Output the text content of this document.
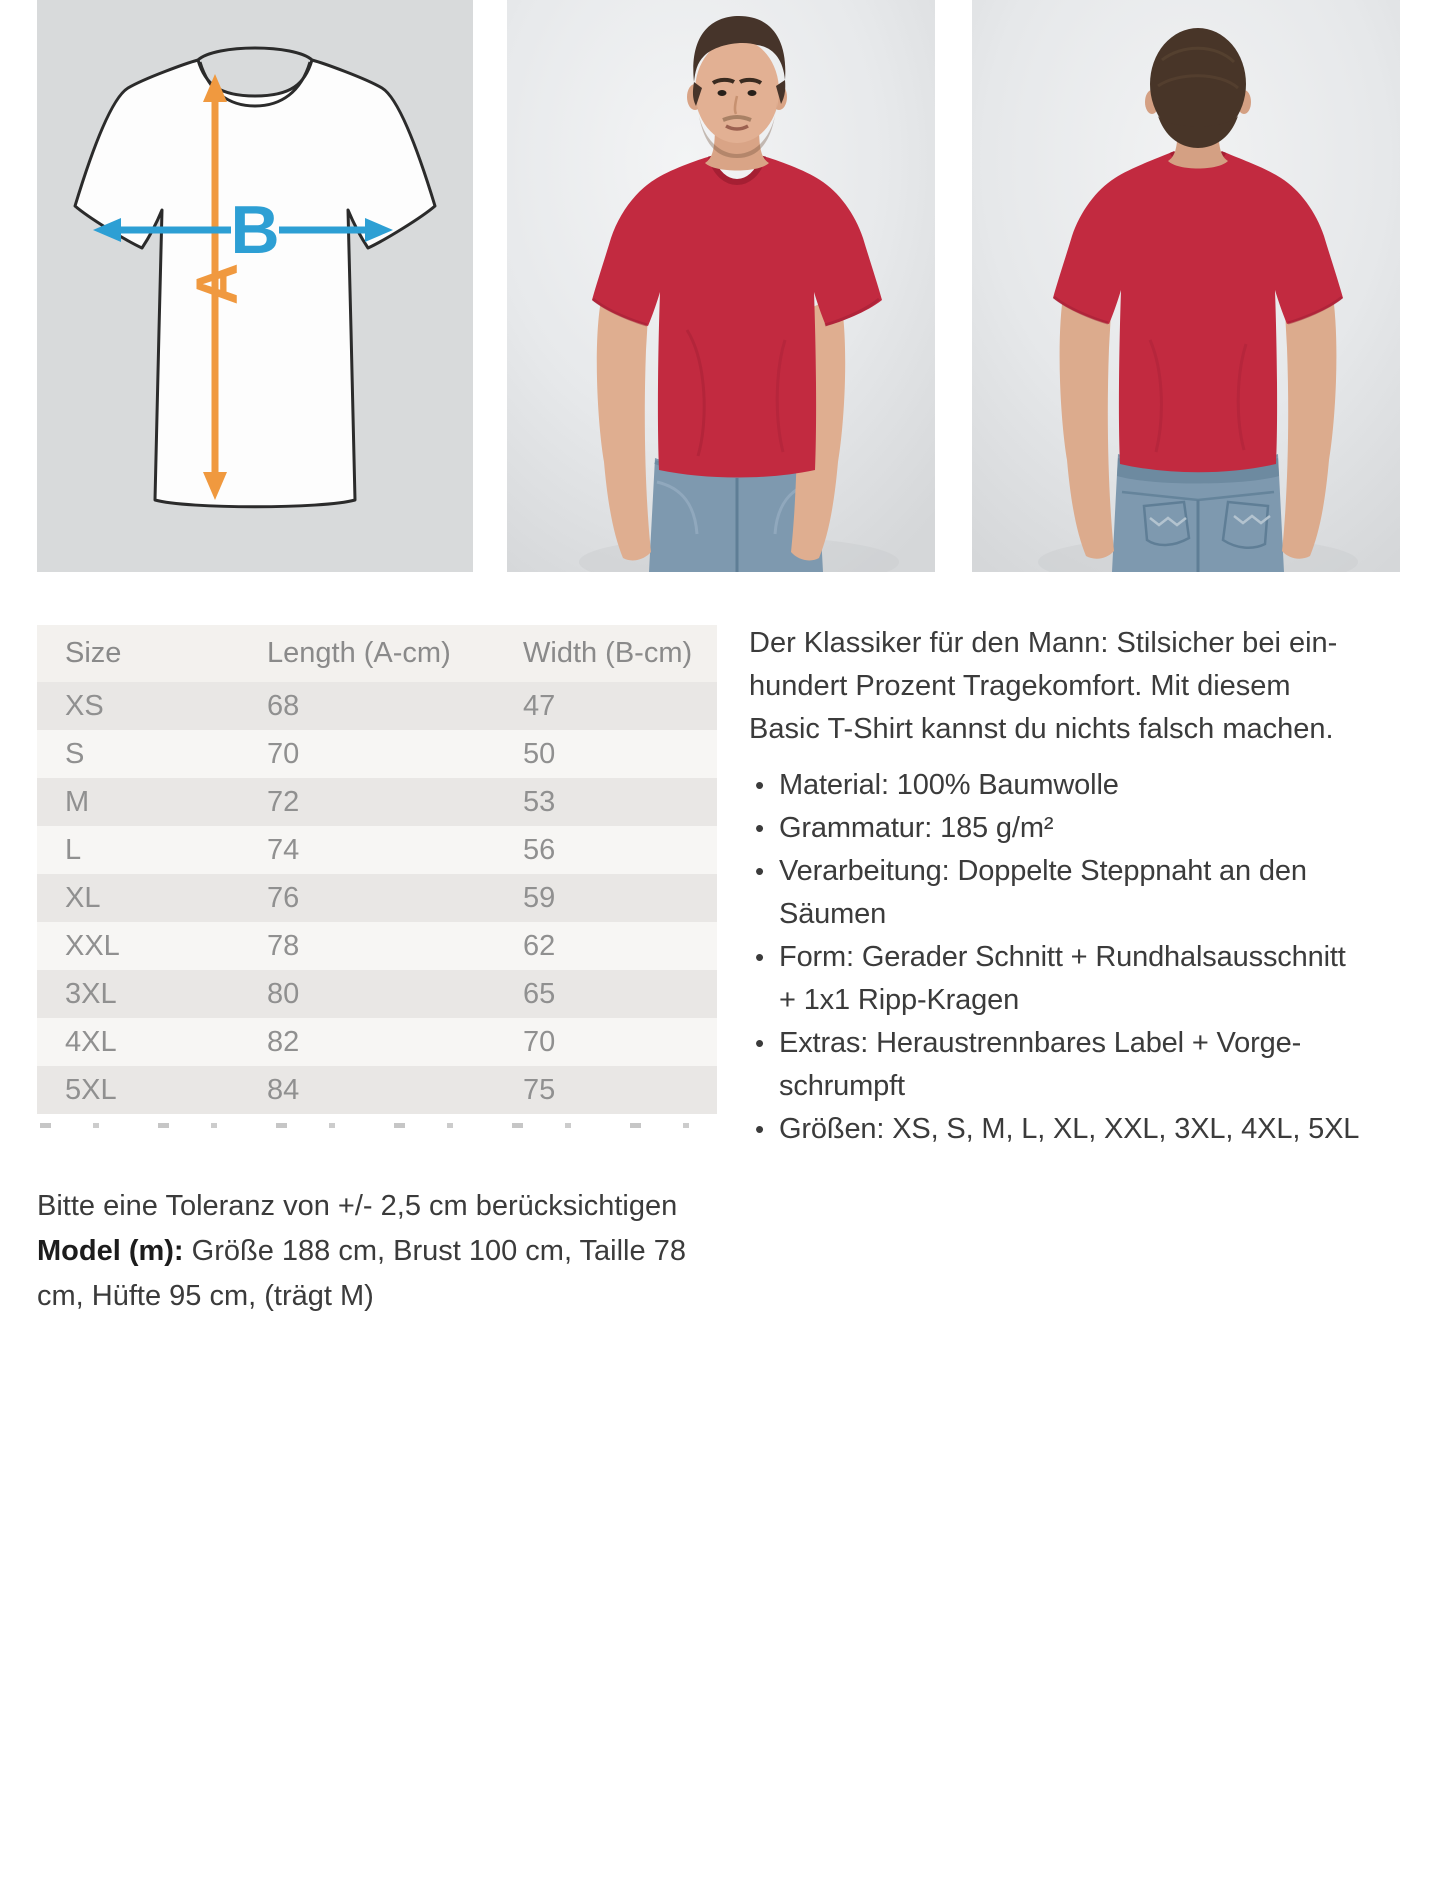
A
B
Size	Length (A-cm)	Width (B-cm)
XS	68	47
S	70	50
M	72	53
L	74	56
XL	76	59
XXL	78	62
3XL	80	65
4XL	82	70
5XL	84	75

Der Klassiker für den Mann: Stilsicher bei einhundert Prozent Tragekomfort. Mit diesem Basic T-Shirt kannst du nichts falsch machen.

•
Material: 100% Baumwolle
•
Grammatur: 185 g/m²
•
Verarbeitung: Doppelte Steppnaht an den Säumen
•
Form: Gerader Schnitt + Rundhalsausschnitt + 1x1 Ripp-Kragen
•
Extras: Heraustrennbares Label + Vorgeschrumpft
•
Größen: XS, S, M, L, XL, XXL, 3XL, 4XL, 5XL

Bitte eine Toleranz von +/- 2,5 cm berücksichtigen

Model (m): Größe 188 cm, Brust 100 cm, Taille 78 cm, Hüfte 95 cm, (trägt M)
